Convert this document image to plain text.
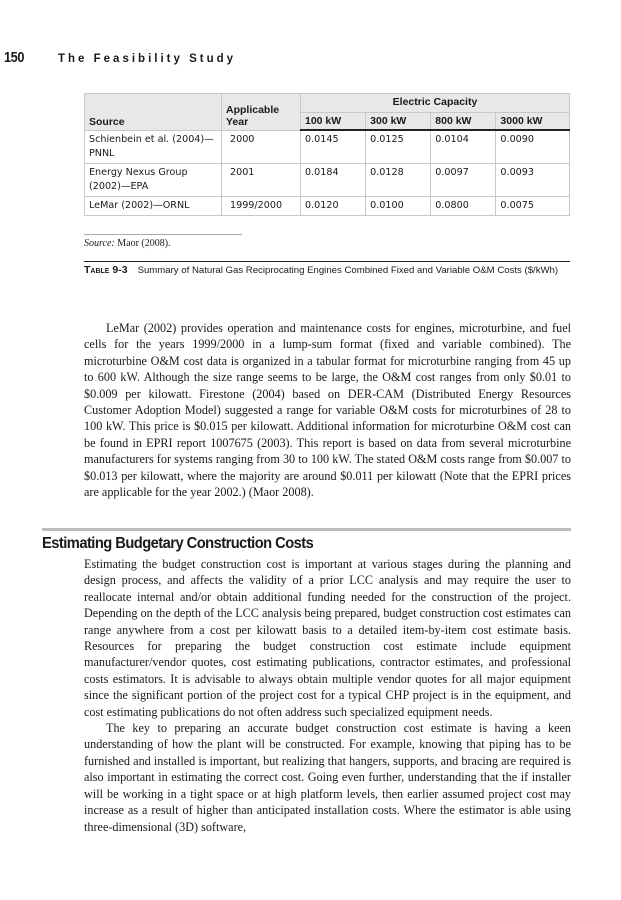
150	The Feasibility Study
Source	Applicable Year	Electric Capacity			
		100 kW	300 kW	800 kW	3000 kW
Schienbein et al. (2004)—PNNL	2000	0.0145	0.0125	0.0104	0.0090
Energy Nexus Group (2002)—EPA	2001	0.0184	0.0128	0.0097	0.0093
LeMar (2002)—ORNL	1999/2000	0.0120	0.0100	0.0800	0.0075
Source: Maor (2008).
Table 9-3 Summary of Natural Gas Reciprocating Engines Combined Fixed and Variable O&M Costs ($/kWh)

LeMar (2002) provides operation and maintenance costs for engines, microturbine, and fuel cells for the years 1999/2000 in a lump-sum format (fixed and variable combined). The microturbine O&M cost data is organized in a tabular format for microturbine ranging from 45 up to 600 kW. Although the size range seems to be large, the O&M cost ranges from only $0.01 to $0.009 per kilowatt. Firestone (2004) based on DER-CAM (Distributed Energy Resources Customer Adoption Model) suggested a range for variable O&M costs for microturbines of 28 to 100 kW. This price is $0.015 per kilowatt. Additional information for microturbine O&M cost can be found in EPRI report 1007675 (2003). This report is based on data from several microturbine manufacturers for systems ranging from 30 to 100 kW. The stated O&M costs range from $0.007 to $0.013 per kilowatt, where the majority are around $0.011 per kilowatt (Note that the EPRI prices are applicable for the year 2002.) (Maor 2008).

Estimating Budgetary Construction Costs

Estimating the budget construction cost is important at various stages during the planning and design process, and affects the validity of a prior LCC analysis and may require the user to reallocate internal and/or obtain additional funding needed for the construction of the project. Depending on the depth of the LCC analysis being prepared, budget construction cost estimates can range anywhere from a cost per kilowatt basis to a detailed item-by-item cost estimate basis. Resources for preparing the budget construction cost estimate include equipment manufacturer/vendor quotes, cost estimating publications, contractor estimates, and professional costs estimators. It is advisable to always obtain multiple vendor quotes for all major equipment since the significant portion of the project cost for a typical CHP project is in the equipment, and cost estimating publications do not often address such specialized equipment needs.

The key to preparing an accurate budget construction cost estimate is having a keen understanding of how the plant will be constructed. For example, knowing that piping has to be furnished and installed is important, but realizing that hangers, supports, and bracing are required is also important in estimating the correct cost. Going even further, understanding that the if installer will be working in a tight space or at high platform levels, then earlier assumed project cost may increase as a result of higher than anticipated installation costs. Where the estimator is able using three-dimensional (3D) software,
